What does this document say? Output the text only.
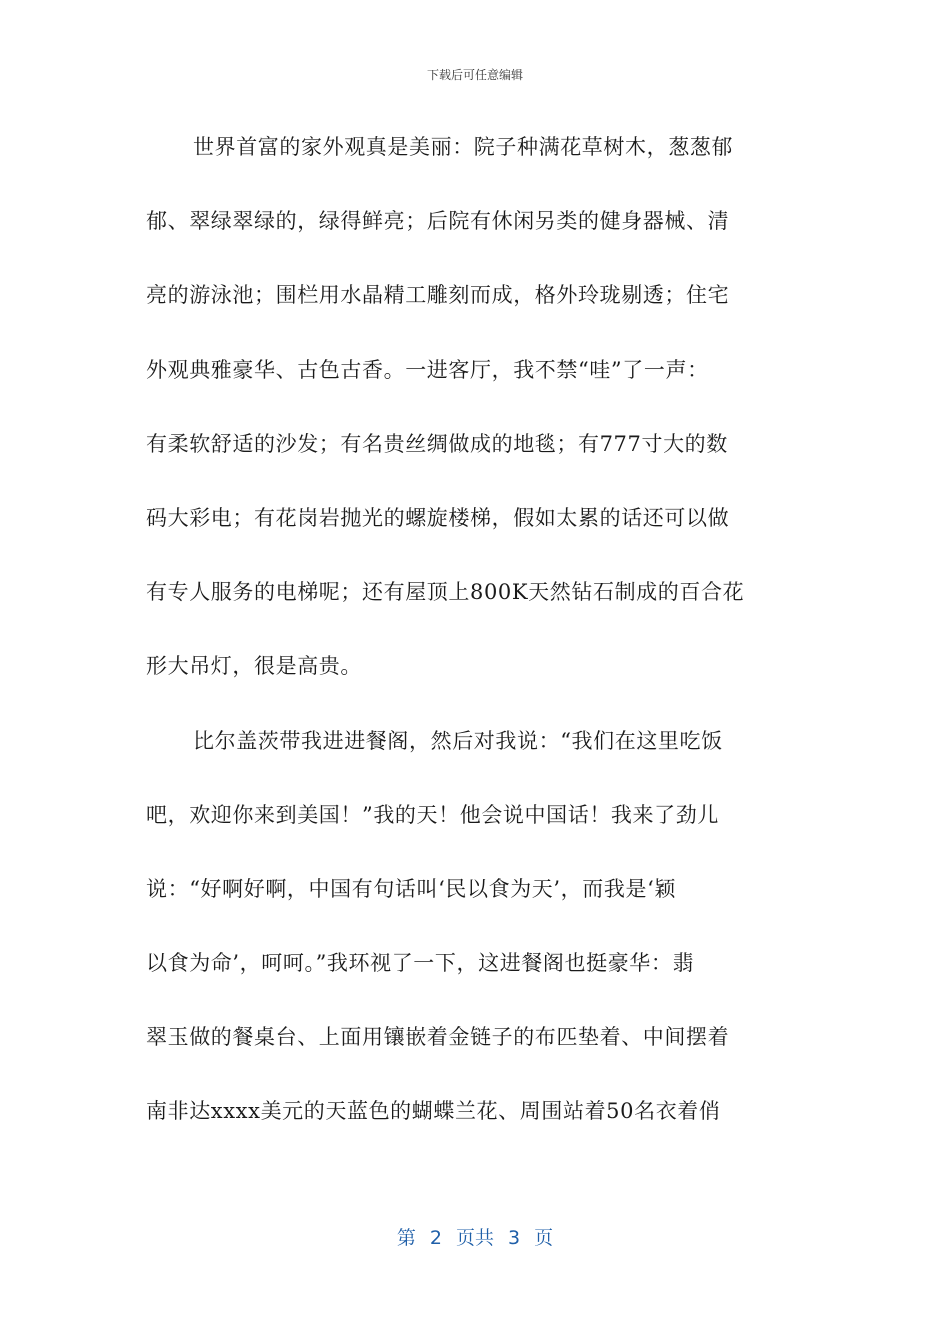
下载后可任意编辑
世界首富的家外观真是美丽：院子种满花草树木，葱葱郁
郁、翠绿翠绿的，绿得鲜亮；后院有休闲另类的健身器械、清
亮的游泳池；围栏用水晶精工雕刻而成，格外玲珑剔透；住宅
外观典雅豪华、古色古香。一进客厅，我不禁“哇”了一声：
有柔软舒适的沙发；有名贵丝绸做成的地毯；有777寸大的数
码大彩电；有花岗岩抛光的螺旋楼梯，假如太累的话还可以做
有专人服务的电梯呢；还有屋顶上800K天然钻石制成的百合花
形大吊灯，很是高贵。
比尔盖茨带我进进餐阁，然后对我说：“我们在这里吃饭
吧，欢迎你来到美国！”我的天！他会说中国话！我来了劲儿
说：“好啊好啊，中国有句话叫‘民以食为天’，而我是‘颖
以食为命’，呵呵。”我环视了一下，这进餐阁也挺豪华：翡
翠玉做的餐桌台、上面用镶嵌着金链子的布匹垫着、中间摆着
南非达xxxx美元的天蓝色的蝴蝶兰花、周围站着50名衣着俏
第 2 页共 3 页
